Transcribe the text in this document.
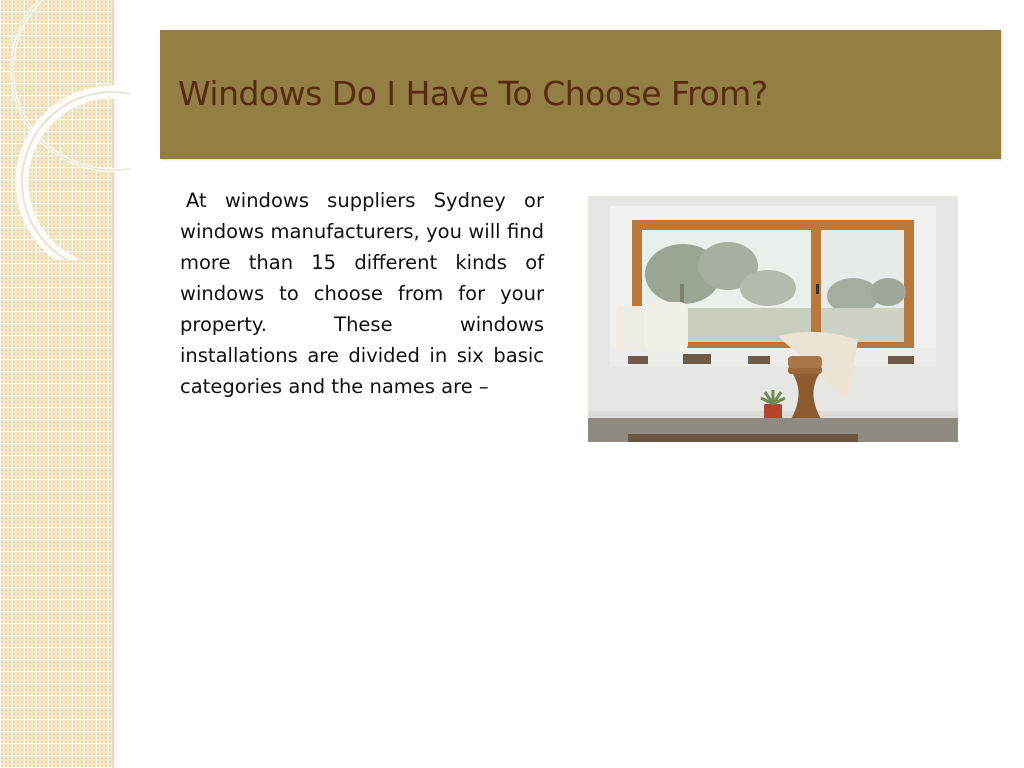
Windows Do I Have To Choose From?

At windows suppliers Sydney or windows manufacturers, you will find more than 15 different kinds of windows to choose from for your property. These windows installations are divided in six basic categories and the names are –
